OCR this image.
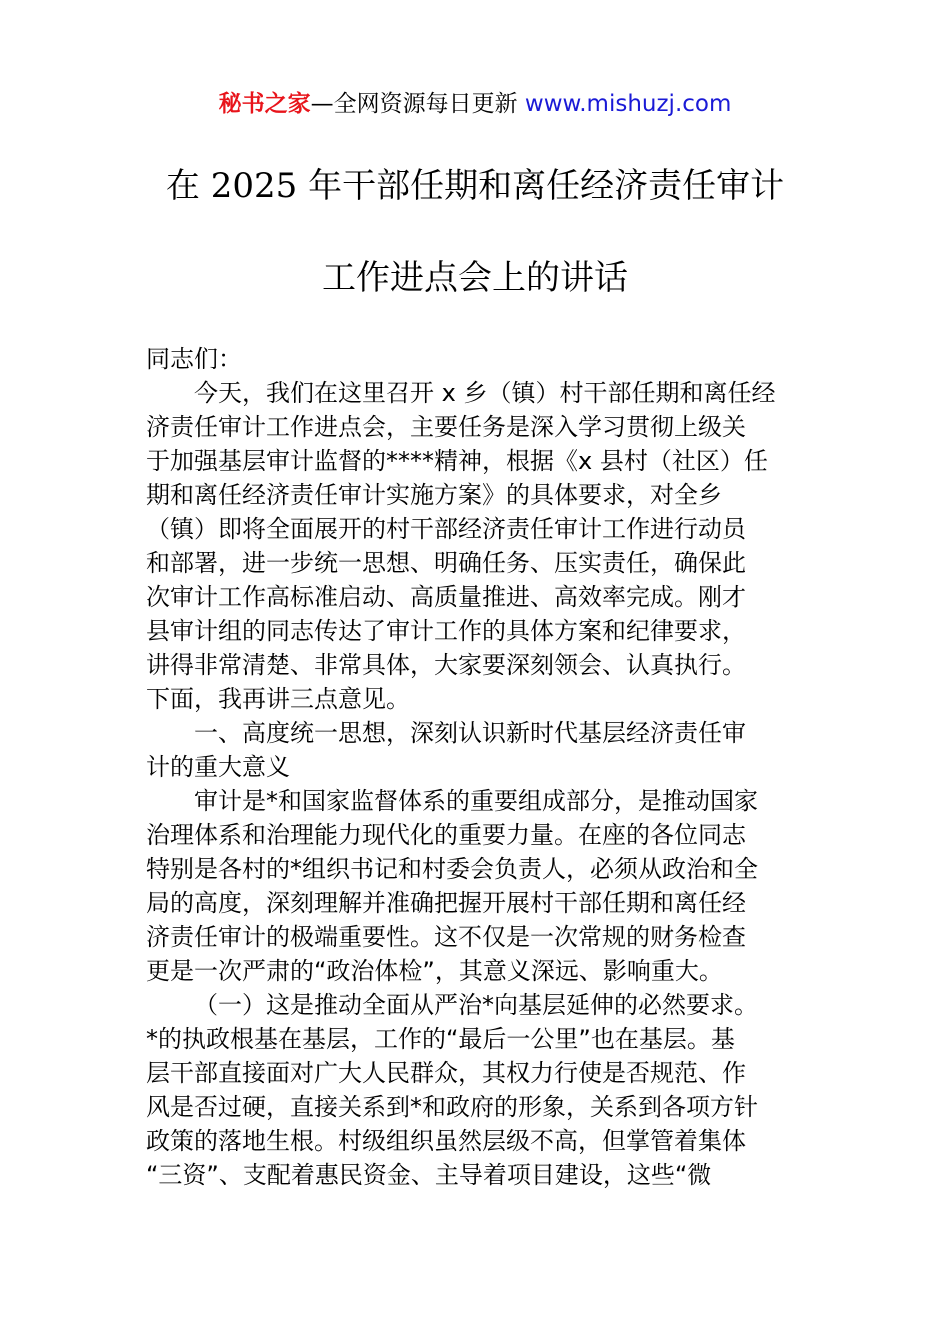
秘书之家—全网资源每日更新 www.mishuzj.com
在 2025 年干部任期和离任经济责任审计
工作进点会上的讲话
同志们：
今天，我们在这里召开 x 乡（镇）村干部任期和离任经
济责任审计工作进点会，主要任务是深入学习贯彻上级关
于加强基层审计监督的****精神，根据《x 县村（社区）任
期和离任经济责任审计实施方案》的具体要求，对全乡
（镇）即将全面展开的村干部经济责任审计工作进行动员
和部署，进一步统一思想、明确任务、压实责任，确保此
次审计工作高标准启动、高质量推进、高效率完成。刚才
县审计组的同志传达了审计工作的具体方案和纪律要求，
讲得非常清楚、非常具体，大家要深刻领会、认真执行。
下面，我再讲三点意见。
一、高度统一思想，深刻认识新时代基层经济责任审
计的重大意义
审计是*和国家监督体系的重要组成部分，是推动国家
治理体系和治理能力现代化的重要力量。在座的各位同志
特别是各村的*组织书记和村委会负责人，必须从政治和全
局的高度，深刻理解并准确把握开展村干部任期和离任经
济责任审计的极端重要性。这不仅是一次常规的财务检查
更是一次严肃的“政治体检”，其意义深远、影响重大。
（一）这是推动全面从严治*向基层延伸的必然要求。
*的执政根基在基层，工作的“最后一公里”也在基层。基
层干部直接面对广大人民群众，其权力行使是否规范、作
风是否过硬，直接关系到*和政府的形象，关系到各项方针
政策的落地生根。村级组织虽然层级不高，但掌管着集体
“三资”、支配着惠民资金、主导着项目建设，这些“微
